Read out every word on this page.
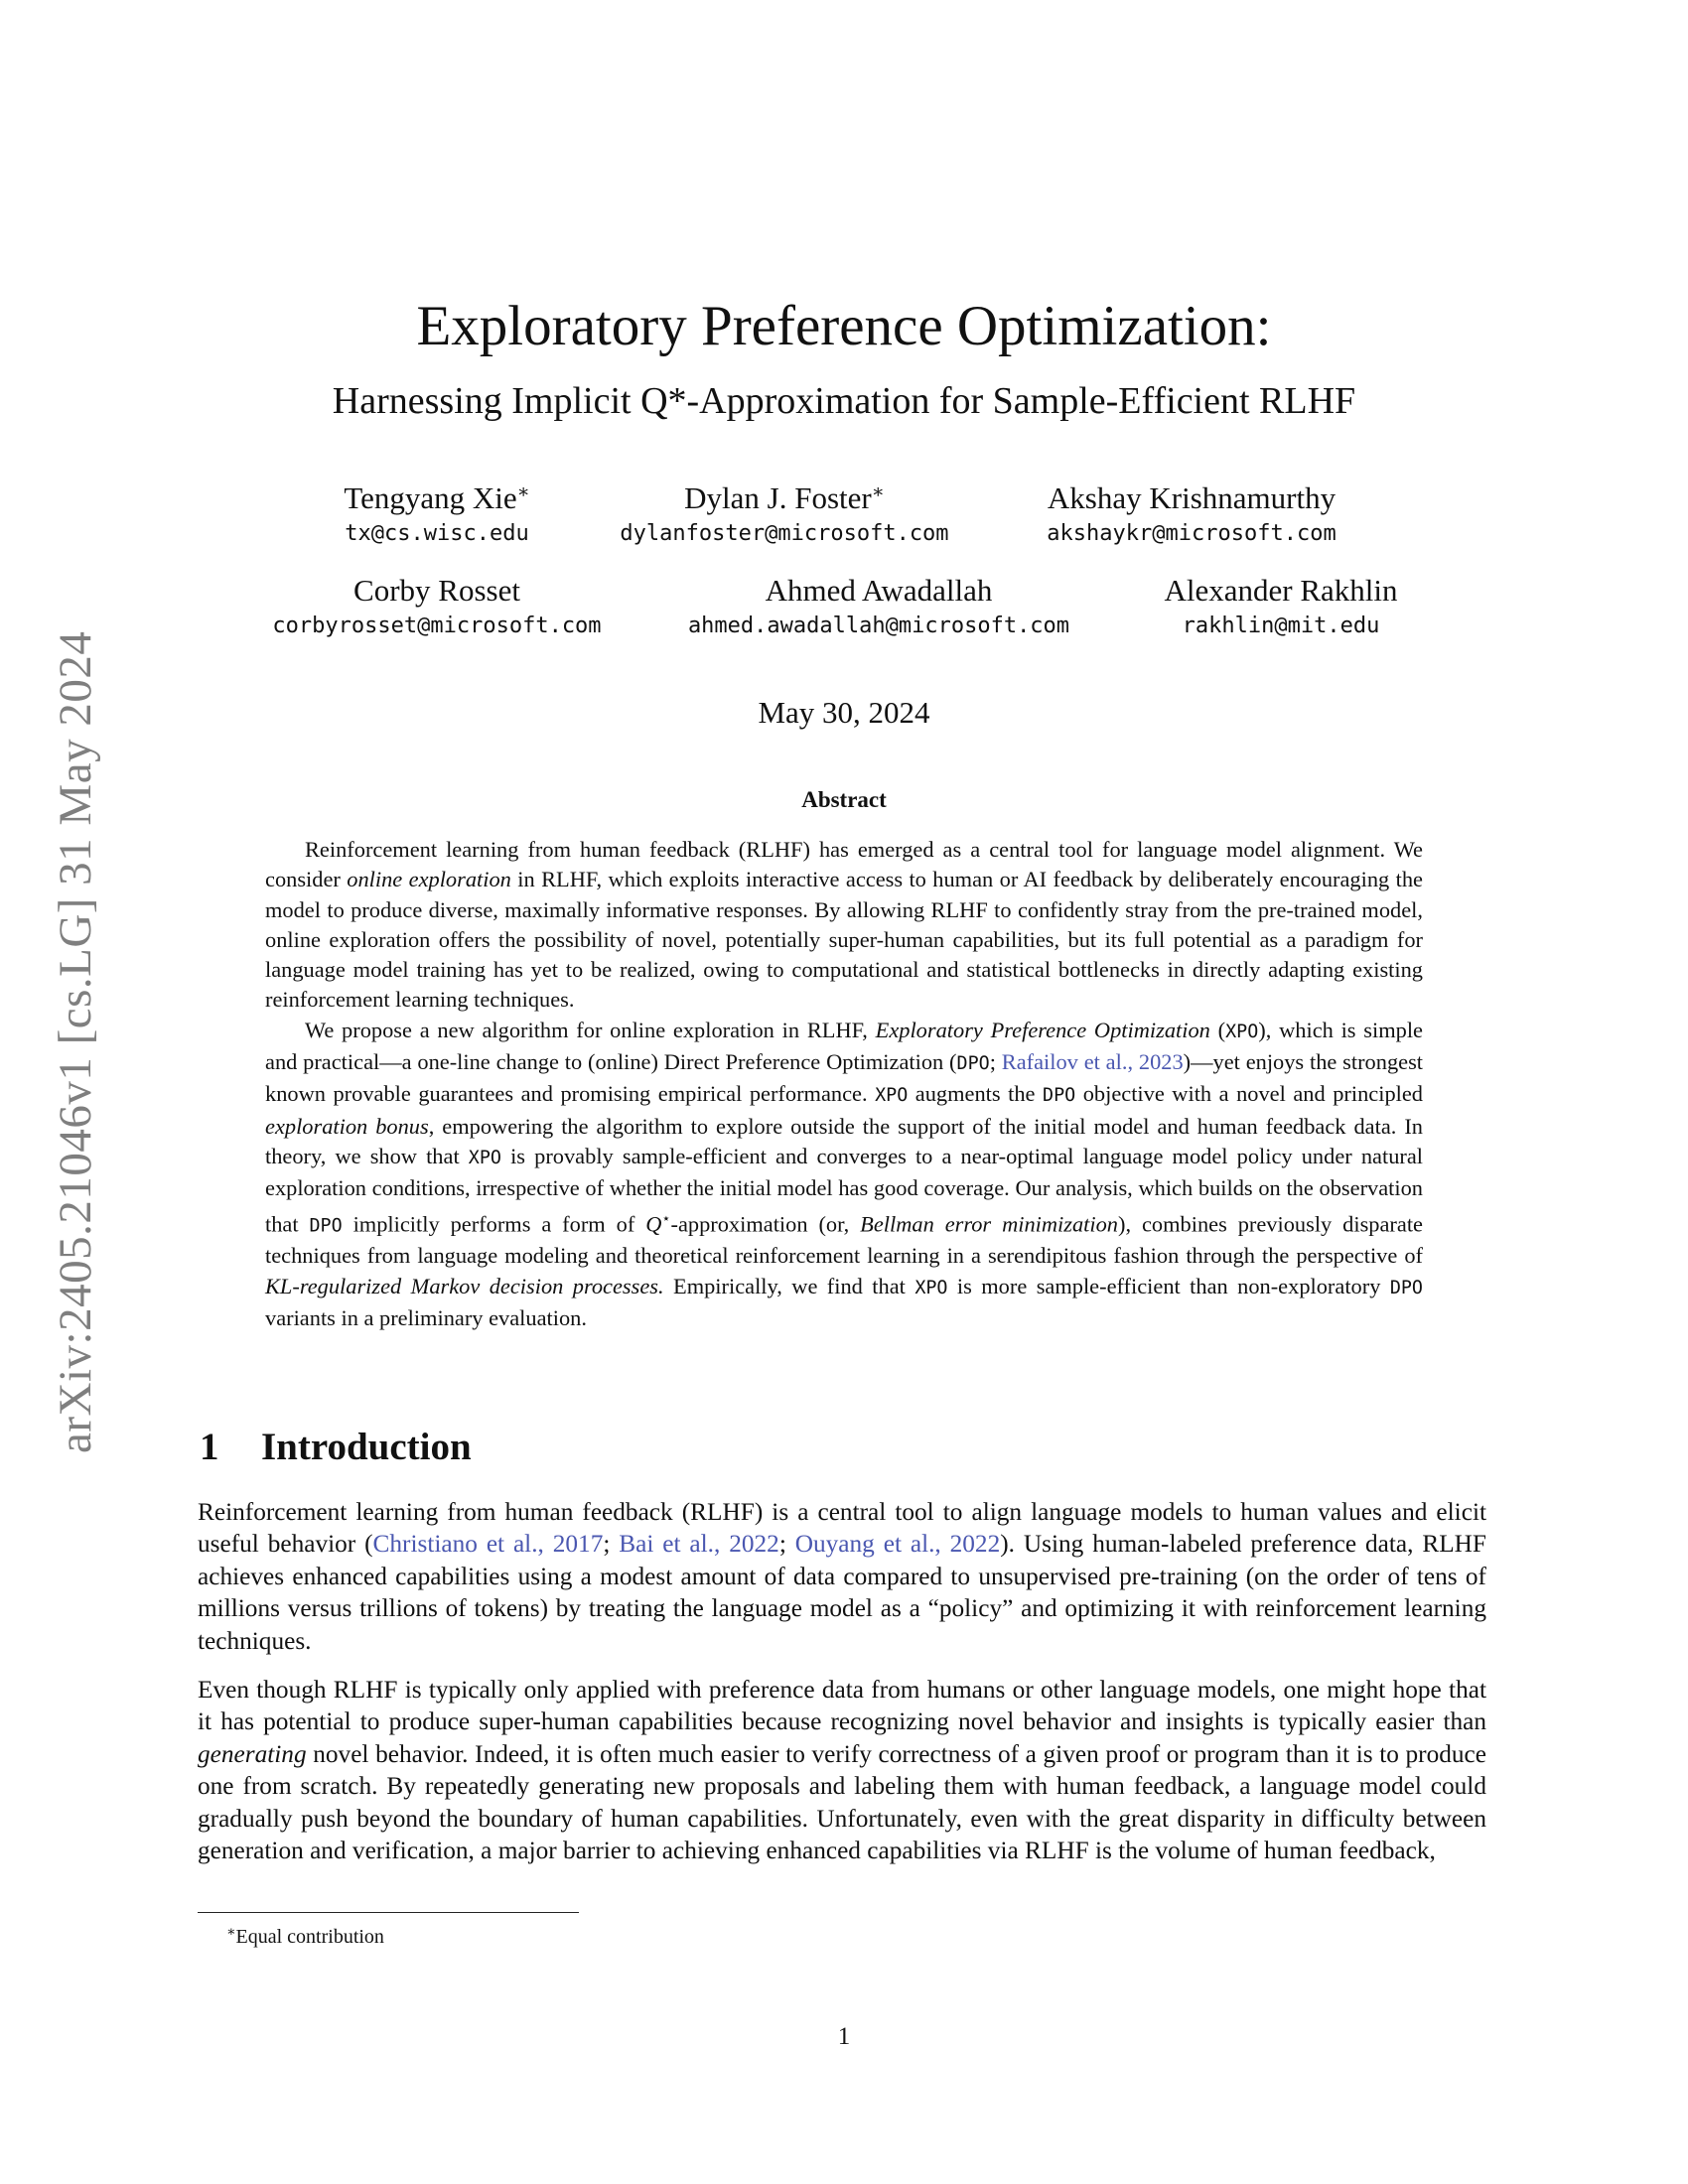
arXiv:2405.21046v1 [cs.LG] 31 May 2024
Exploratory Preference Optimization:
Harnessing Implicit Q*-Approximation for Sample-Efficient RLHF
Tengyang Xie∗
tx@cs.wisc.edu
Dylan J. Foster∗
dylanfoster@microsoft.com
Akshay Krishnamurthy
akshaykr@microsoft.com
Corby Rosset
corbyrosset@microsoft.com
Ahmed Awadallah
ahmed.awadallah@microsoft.com
Alexander Rakhlin
rakhlin@mit.edu
May 30, 2024
Abstract

Reinforcement learning from human feedback (RLHF) has emerged as a central tool for language model alignment. We consider online exploration in RLHF, which exploits interactive access to human or AI feedback by deliberately encouraging the model to produce diverse, maximally informative responses. By allowing RLHF to confidently stray from the pre-trained model, online exploration offers the possibility of novel, potentially super-human capabilities, but its full potential as a paradigm for language model training has yet to be realized, owing to computational and statistical bottlenecks in directly adapting existing reinforcement learning techniques.

We propose a new algorithm for online exploration in RLHF, Exploratory Preference Optimization (XPO), which is simple and practical—a one-line change to (online) Direct Preference Optimization (DPO; Rafailov et al., 2023)—yet enjoys the strongest known provable guarantees and promising empirical performance. XPO augments the DPO objective with a novel and principled exploration bonus, empowering the algorithm to explore outside the support of the initial model and human feedback data. In theory, we show that XPO is provably sample-efficient and converges to a near-optimal language model policy under natural exploration conditions, irrespective of whether the initial model has good coverage. Our analysis, which builds on the observation that DPO implicitly performs a form of Q⋆-approximation (or, Bellman error minimization), combines previously disparate techniques from language modeling and theoretical reinforcement learning in a serendipitous fashion through the perspective of KL-regularized Markov decision processes. Empirically, we find that XPO is more sample-efficient than non-exploratory DPO variants in a preliminary evaluation.

1 Introduction

Reinforcement learning from human feedback (RLHF) is a central tool to align language models to human values and elicit useful behavior (Christiano et al., 2017; Bai et al., 2022; Ouyang et al., 2022). Using human-labeled preference data, RLHF achieves enhanced capabilities using a modest amount of data compared to unsupervised pre-training (on the order of tens of millions versus trillions of tokens) by treating the language model as a “policy” and optimizing it with reinforcement learning techniques.

Even though RLHF is typically only applied with preference data from humans or other language models, one might hope that it has potential to produce super-human capabilities because recognizing novel behavior and insights is typically easier than generating novel behavior. Indeed, it is often much easier to verify correctness of a given proof or program than it is to produce one from scratch. By repeatedly generating new proposals and labeling them with human feedback, a language model could gradually push beyond the boundary of human capabilities. Unfortunately, even with the great disparity in difficulty between generation and verification, a major barrier to achieving enhanced capabilities via RLHF is the volume of human feedback,

∗Equal contribution
1
